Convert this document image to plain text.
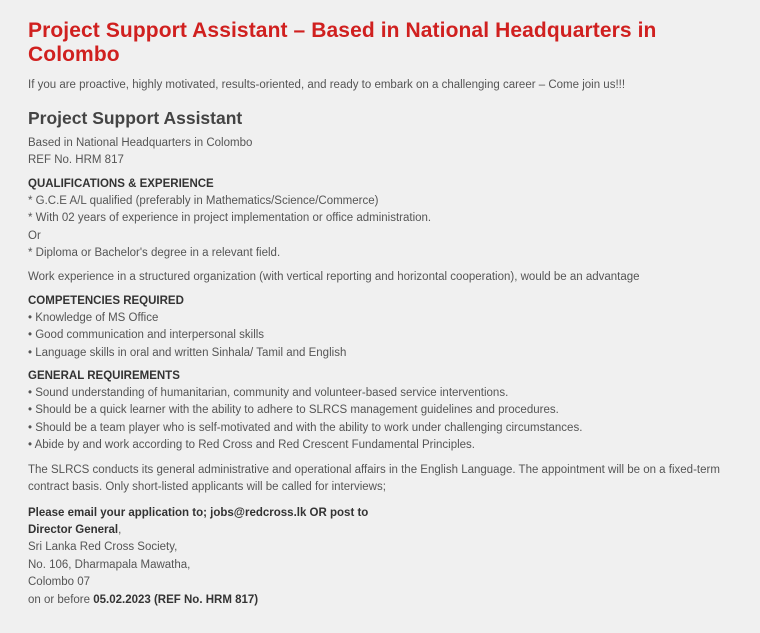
Project Support Assistant – Based in National Headquarters in Colombo
If you are proactive, highly motivated, results-oriented, and ready to embark on a challenging career – Come join us!!!
Project Support Assistant
Based in National Headquarters in Colombo
REF No. HRM 817
QUALIFICATIONS & EXPERIENCE
* G.C.E A/L qualified (preferably in Mathematics/Science/Commerce)
* With 02 years of experience in project implementation or office administration.
Or
* Diploma or Bachelor's degree in a relevant field.
Work experience in a structured organization (with vertical reporting and horizontal cooperation), would be an advantage
COMPETENCIES REQUIRED
• Knowledge of MS Office
• Good communication and interpersonal skills
• Language skills in oral and written Sinhala/ Tamil and English
GENERAL REQUIREMENTS
• Sound understanding of humanitarian, community and volunteer-based service interventions.
• Should be a quick learner with the ability to adhere to SLRCS management guidelines and procedures.
• Should be a team player who is self-motivated and with the ability to work under challenging circumstances.
• Abide by and work according to Red Cross and Red Crescent Fundamental Principles.
The SLRCS conducts its general administrative and operational affairs in the English Language. The appointment will be on a fixed-term contract basis. Only short-listed applicants will be called for interviews;
Please email your application to; jobs@redcross.lk OR post to
Director General,
Sri Lanka Red Cross Society,
No. 106, Dharmapala Mawatha,
Colombo 07
on or before 05.02.2023 (REF No. HRM 817)
